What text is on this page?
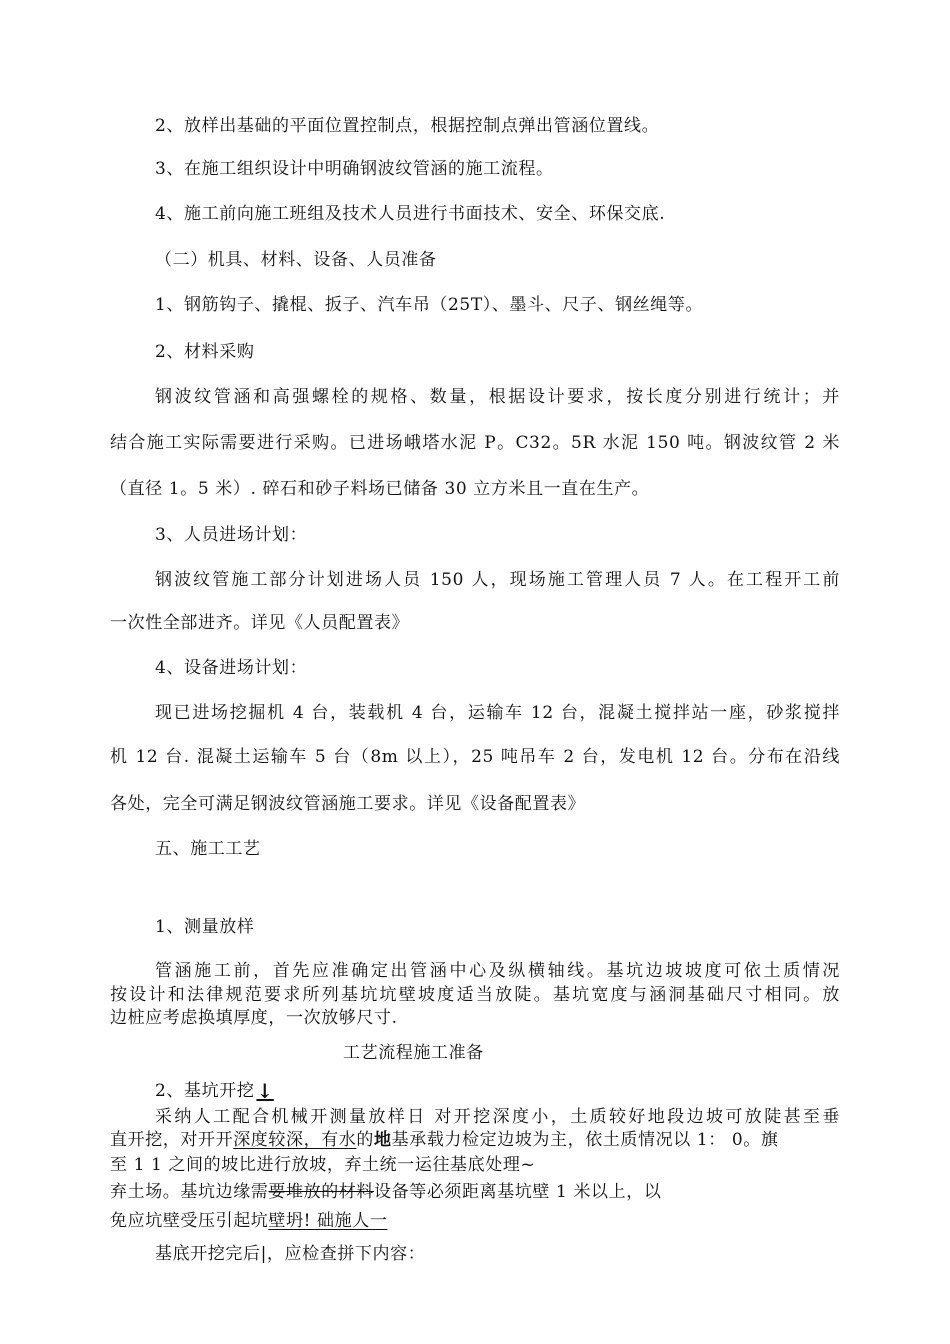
2、放样出基础的平面位置控制点，根据控制点弹出管涵位置线。
3、在施工组织设计中明确钢波纹管涵的施工流程。
4、施工前向施工班组及技术人员进行书面技术、安全、环保交底.
（二）机具、材料、设备、人员准备
1、钢筋钩子、撬棍、扳子、汽车吊（25T）、墨斗、尺子、钢丝绳等。
2、材料采购
钢波纹管涵和高强螺栓的规格、数量，根据设计要求，按长度分别进行统计；并
结合施工实际需要进行采购。已进场峨塔水泥 P。C32。5R 水泥 150 吨。钢波纹管 2 米
（直径 1。5 米）. 碎石和砂子料场已储备 30 立方米且一直在生产。
3、人员进场计划：
钢波纹管施工部分计划进场人员 150 人，现场施工管理人员 7 人。在工程开工前
一次性全部进齐。详见《人员配置表》
4、设备进场计划：
现已进场挖掘机 4 台，装载机 4 台，运输车 12 台，混凝土搅拌站一座，砂浆搅拌
机 12 台. 混凝土运输车 5 台（8m 以上），25 吨吊车 2 台，发电机 12 台。分布在沿线
各处，完全可满足钢波纹管涵施工要求。详见《设备配置表》
五、施工工艺
1、测量放样
管涵施工前，首先应准确定出管涵中心及纵横轴线。基坑边坡坡度可依土质情况
按设计和法律规范要求所列基坑坑壁坡度适当放陡。基坑宽度与涵洞基础尺寸相同。放
边桩应考虑换填厚度，一次放够尺寸.
工艺流程施工准备
2、基坑开挖 ↓
采纳人工配合机械开测量放样日 对开挖深度小，土质较好地段边坡可放陡甚至垂
直开挖，对开开深度较深，有水的地基承载力检定边坡为主，依土质情况以 1： 0。旗
至 1 1 之间的坡比进行放坡，弃土统一运往基底处理~
弃土场。基坑边缘需要堆放的材料设备等必须距离基坑壁 1 米以上，以
免应坑壁受压引起坑壁坍! 础施人一
基底开挖完后|，应检查拼下内容：
